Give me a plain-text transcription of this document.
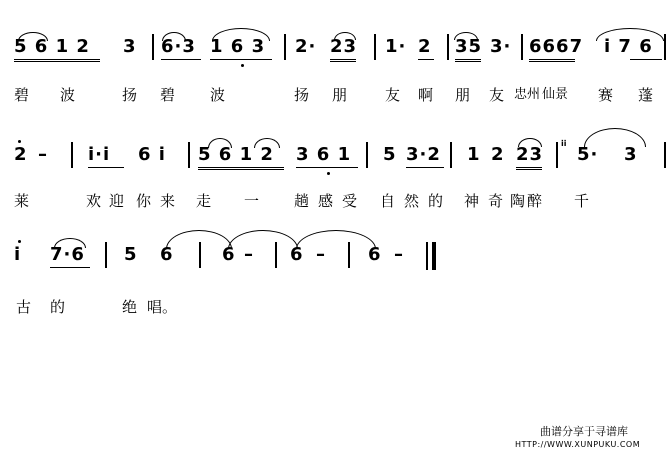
5 6 1 2 3 6·3 1 6 3 2· 23 1· 2 35 3· 6667 i 7 6
碧 波	扬 碧 波	扬 朋	友 啊 朋 友 忠州 仙景 赛 蓬
2 – i·i 6 i 5 6 1 2 3 6 1 5 3·2 1 2 23
i̇i̇
5· 3
莱	欢 迎 你 来 走 一 趟 感 受 自 然 的 神 奇 陶 醉 千
i 7·6 5 6	6 – 6 – 6 –
古 的	绝 唱。
曲谱分享于寻谱库
HTTP://WWW.XUNPUKU.COM
